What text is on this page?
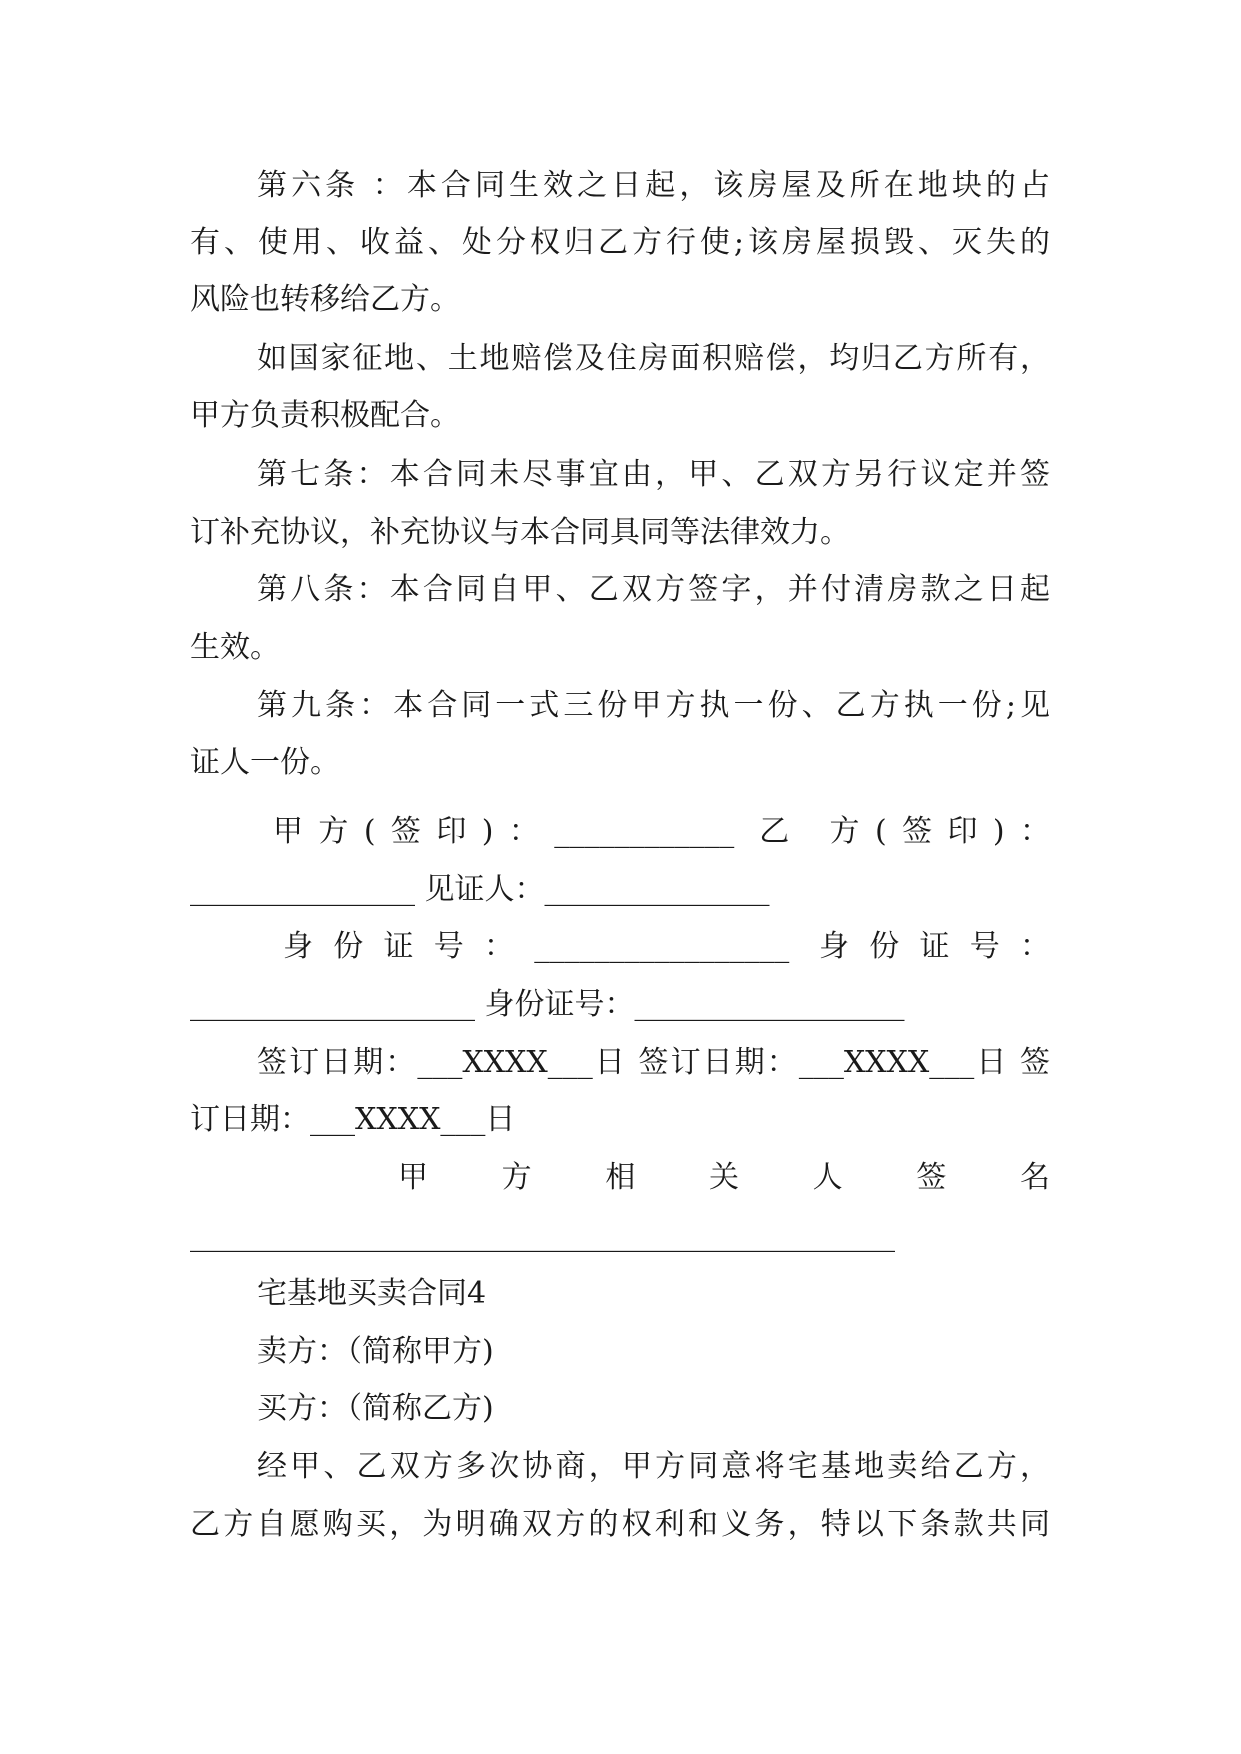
第六条 ：本合同生效之日起，该房屋及所在地块的占
有、使用、收益、处分权归乙方行使;该房屋损毁、灭失的
风险也转移给乙方。
如国家征地、土地赔偿及住房面积赔偿，均归乙方所有，
甲方负责积极配合。
第七条：本合同未尽事宜由，甲、乙双方另行议定并签
订补充协议，补充协议与本合同具同等法律效力。
第八条：本合同自甲、乙双方签字，并付清房款之日起
生效。
第九条：本合同一式三份甲方执一份、乙方执一份;见
证人一份。
甲方(签印)：____________ 乙 方(签印)：
_______________ 见证人：_______________
身份证号：_________________ 身份证号：
___________________ 身份证号：__________________
签订日期：___XXXX___日 签订日期：___XXXX___日 签
订日期：___XXXX___日
甲 方 相 关 人 签 名
_______________________________________________
宅基地买卖合同4
卖方：（简称甲方)
买方：（简称乙方)
经甲、乙双方多次协商，甲方同意将宅基地卖给乙方，
乙方自愿购买，为明确双方的权利和义务，特以下条款共同
